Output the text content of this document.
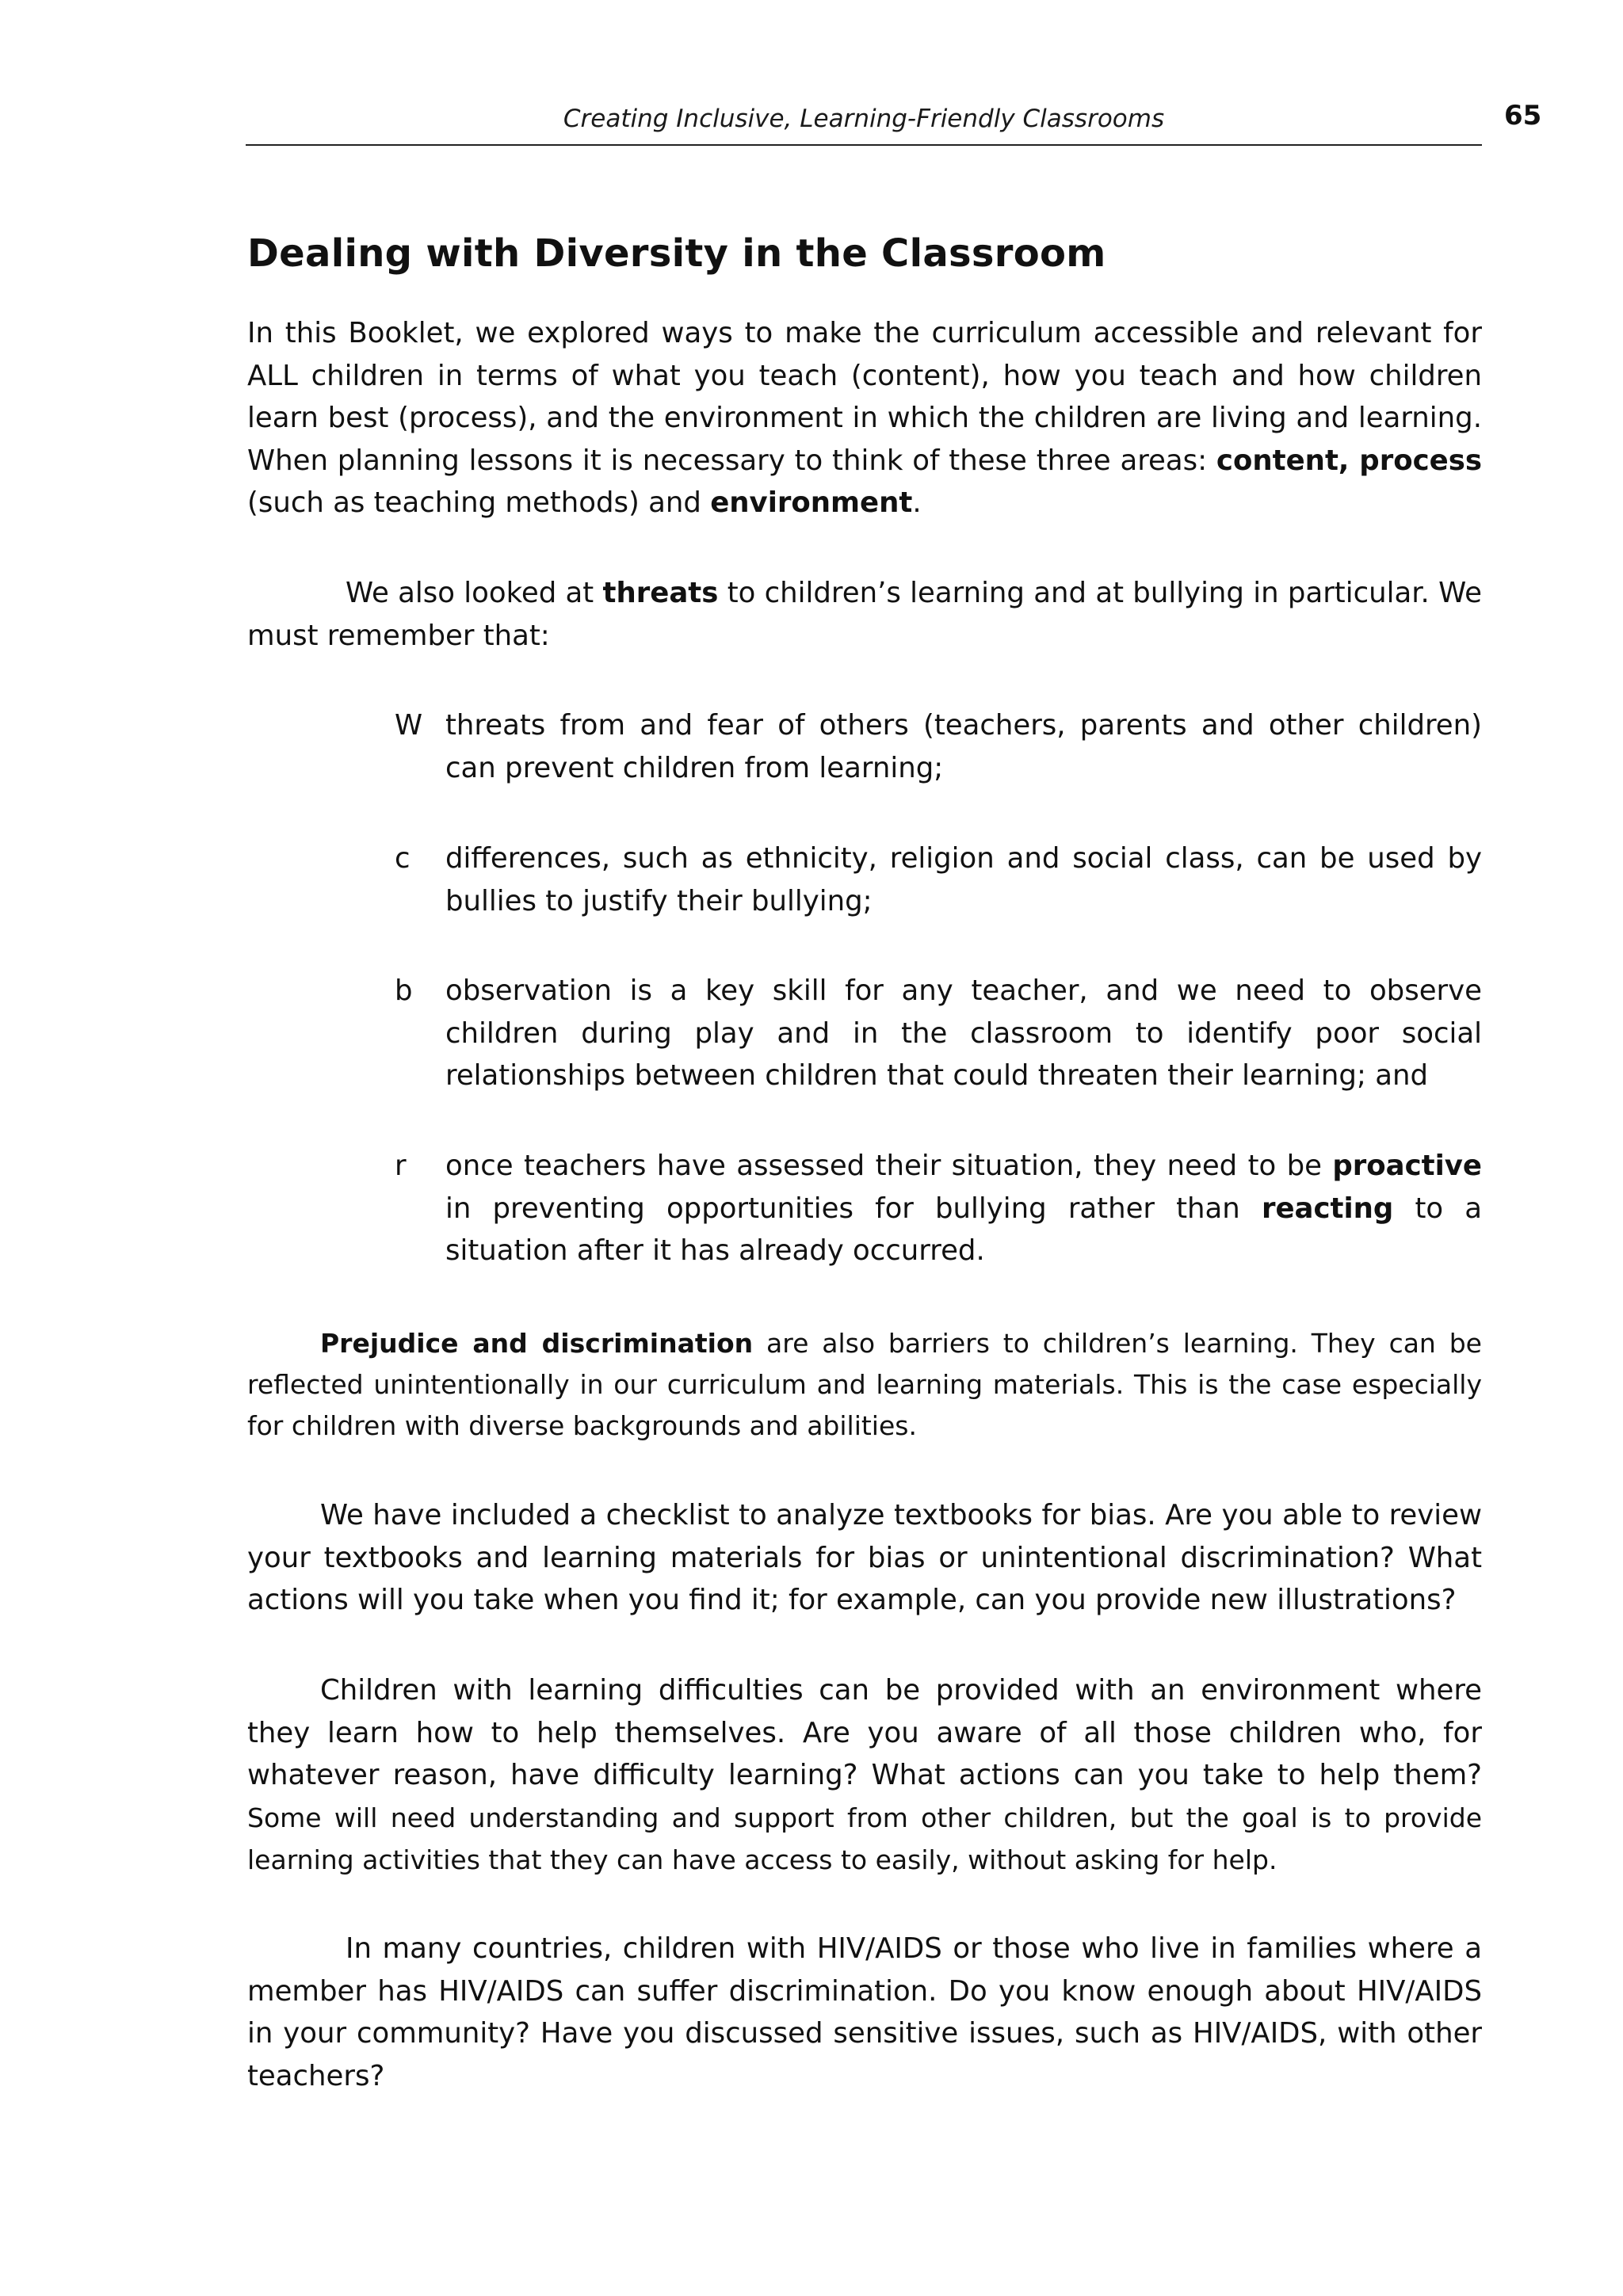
Creating Inclusive, Learning-Friendly Classrooms	65
Dealing with Diversity in the Classroom

In this Booklet, we explored ways to make the curriculum accessible and relevant for ALL children in terms of what you teach (content), how you teach and how children learn best (process), and the environment in which the children are living and learning. When planning lessons it is necessary to think of these three areas: content, process (such as teaching methods) and environment.

We also looked at threats to children’s learning and at bullying in particular. We must remember that:

W threats from and fear of others (teachers, parents and other children) can prevent children from learning;

c differences, such as ethnicity, religion and social class, can be used by bullies to justify their bullying;

b observation is a key skill for any teacher, and we need to observe children during play and in the classroom to identify poor social relationships between children that could threaten their learning; and

r once teachers have assessed their situation, they need to be proactive in preventing opportunities for bullying rather than reacting to a situation after it has already occurred.

Prejudice and discrimination are also barriers to children’s learning. They can be reflected unintentionally in our curriculum and learning materials. This is the case especially for children with diverse backgrounds and abilities.

We have included a checklist to analyze textbooks for bias. Are you able to review your textbooks and learning materials for bias or unintentional discrimination? What actions will you take when you find it; for example, can you provide new illustrations?

Children with learning difficulties can be provided with an environment where they learn how to help themselves. Are you aware of all those children who, for whatever reason, have difficulty learning? What actions can you take to help them? Some will need understanding and support from other children, but the goal is to provide learning activities that they can have access to easily, without asking for help.

In many countries, children with HIV/AIDS or those who live in families where a member has HIV/AIDS can suffer discrimination. Do you know enough about HIV/AIDS in your community? Have you discussed sensitive issues, such as HIV/AIDS, with other teachers?
